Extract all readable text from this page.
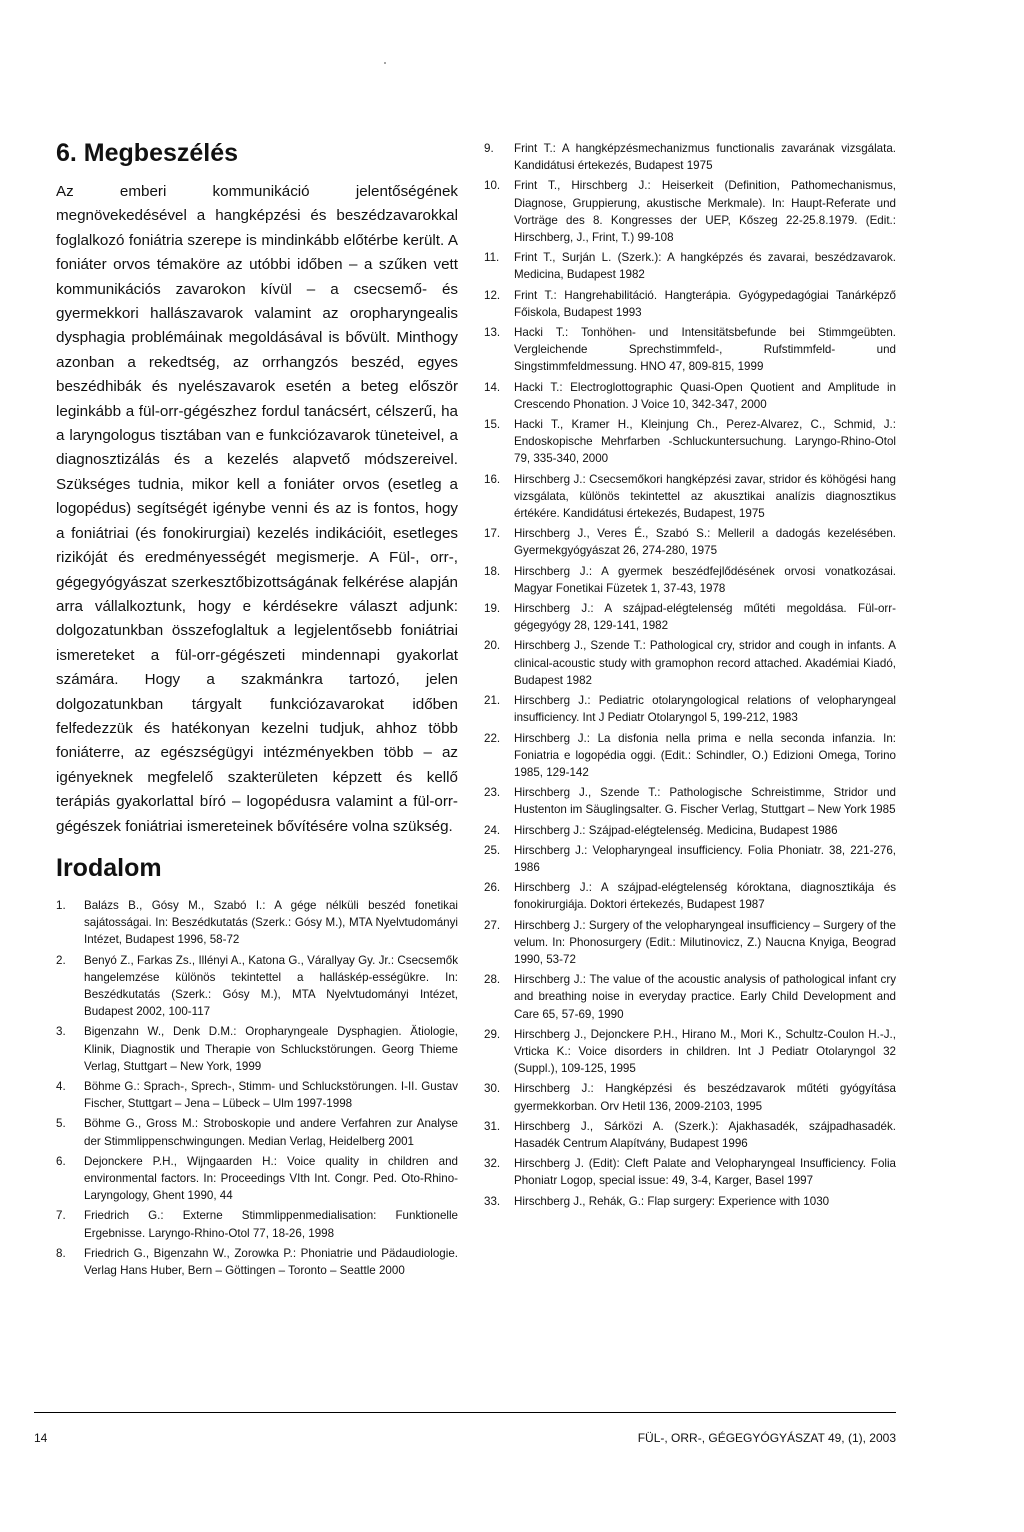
6. Megbeszélés

Az emberi kommunikáció jelentőségének megnövekedésével a hangképzési és beszédzavarokkal foglalkozó foniátria szerepe is mindinkább előtérbe került. A foniáter orvos témaköre az utóbbi időben – a szűken vett kommunikációs zavarokon kívül – a csecsemő- és gyermekkori hallászavarok valamint az oropharyngealis dysphagia problémáinak megoldásával is bővült. Minthogy azonban a rekedtség, az orrhangzós beszéd, egyes beszédhibák és nyelészavarok esetén a beteg először leginkább a fül-orr-gégészhez fordul tanácsért, célszerű, ha a laryngologus tisztában van e funkciózavarok tüneteivel, a diagnosztizálás és a kezelés alapvető módszereivel. Szükséges tudnia, mikor kell a foniáter orvos (esetleg a logopédus) segítségét igénybe venni és az is fontos, hogy a foniátriai (és fonokirurgiai) kezelés indikációit, esetleges rizikóját és eredményességét megismerje. A Fül-, orr-, gégegyógyászat szerkesztőbizottságának felkérése alapján arra vállalkoztunk, hogy e kérdésekre választ adjunk: dolgozatunkban összefoglaltuk a legjelentősebb foniátriai ismereteket a fül-orr-gégészeti mindennapi gyakorlat számára. Hogy a szakmánkra tartozó, jelen dolgozatunkban tárgyalt funkciózavarokat időben felfedezzük és hatékonyan kezelni tudjuk, ahhoz több foniáterre, az egészségügyi intézményekben több – az igényeknek megfelelő szakterületen képzett és kellő terápiás gyakorlattal bíró – logopédusra valamint a fül-orr-gégészek foniátriai ismereteinek bővítésére volna szükség.

Irodalom
1.	Balázs B., Gósy M., Szabó I.: A gége nélküli beszéd fonetikai sajátosságai. In: Beszédkutatás (Szerk.: Gósy M.), MTA Nyelvtudományi Intézet, Budapest 1996, 58-72
2.	Benyó Z., Farkas Zs., Illényi A., Katona G., Várallyay Gy. Jr.: Csecsemők hangelemzése különös tekintettel a halláskép-ességükre. In: Beszédkutatás (Szerk.: Gósy M.), MTA Nyelvtudományi Intézet, Budapest 2002, 100-117
3.	Bigenzahn W., Denk D.M.: Oropharyngeale Dysphagien. Ätiologie, Klinik, Diagnostik und Therapie von Schluckstörungen. Georg Thieme Verlag, Stuttgart – New York, 1999
4.	Böhme G.: Sprach-, Sprech-, Stimm- und Schluckstörungen. I-II. Gustav Fischer, Stuttgart – Jena – Lübeck – Ulm 1997-1998
5.	Böhme G., Gross M.: Stroboskopie und andere Verfahren zur Analyse der Stimmlippenschwingungen. Median Verlag, Heidelberg 2001
6.	Dejonckere P.H., Wijngaarden H.: Voice quality in children and environmental factors. In: Proceedings VIth Int. Congr. Ped. Oto-Rhino-Laryngology, Ghent 1990, 44
7.	Friedrich G.: Externe Stimmlippenmedialisation: Funktionelle Ergebnisse. Laryngo-Rhino-Otol 77, 18-26, 1998
8.	Friedrich G., Bigenzahn W., Zorowka P.: Phoniatrie und Pädaudiologie. Verlag Hans Huber, Bern – Göttingen – Toronto – Seattle 2000
9.	Frint T.: A hangképzésmechanizmus functionalis zavarának vizsgálata. Kandidátusi értekezés, Budapest 1975
10.	Frint T., Hirschberg J.: Heiserkeit (Definition, Pathomechanismus, Diagnose, Gruppierung, akustische Merkmale). In: Haupt-Referate und Vorträge des 8. Kongresses der UEP, Kőszeg 22-25.8.1979. (Edit.: Hirschberg, J., Frint, T.) 99-108
11.	Frint T., Surján L. (Szerk.): A hangképzés és zavarai, beszédzavarok. Medicina, Budapest 1982
12.	Frint T.: Hangrehabilitáció. Hangterápia. Gyógypedagógiai Tanárképző Főiskola, Budapest 1993
13.	Hacki T.: Tonhöhen- und Intensitätsbefunde bei Stimmgeübten. Vergleichende Sprechstimmfeld-, Rufstimmfeld- und Singstimmfeldmessung. HNO 47, 809-815, 1999
14.	Hacki T.: Electroglottographic Quasi-Open Quotient and Amplitude in Crescendo Phonation. J Voice 10, 342-347, 2000
15.	Hacki T., Kramer H., Kleinjung Ch., Perez-Alvarez, C., Schmid, J.: Endoskopische Mehrfarben -Schluckuntersuchung. Laryngo-Rhino-Otol 79, 335-340, 2000
16.	Hirschberg J.: Csecsemőkori hangképzési zavar, stridor és köhögési hang vizsgálata, különös tekintettel az akusztikai analízis diagnosztikus értékére. Kandidátusi értekezés, Budapest, 1975
17.	Hirschberg J., Veres É., Szabó S.: Melleril a dadogás kezelésében. Gyermekgyógyászat 26, 274-280, 1975
18.	Hirschberg J.: A gyermek beszédfejlődésének orvosi vonatkozásai. Magyar Fonetikai Füzetek 1, 37-43, 1978
19.	Hirschberg J.: A szájpad-elégtelenség műtéti megoldása. Fül-orr-gégegyógy 28, 129-141, 1982
20.	Hirschberg J., Szende T.: Pathological cry, stridor and cough in infants. A clinical-acoustic study with gramophon record attached. Akadémiai Kiadó, Budapest 1982
21.	Hirschberg J.: Pediatric otolaryngological relations of velopharyngeal insufficiency. Int J Pediatr Otolaryngol 5, 199-212, 1983
22.	Hirschberg J.: La disfonia nella prima e nella seconda infanzia. In: Foniatria e logopédia oggi. (Edit.: Schindler, O.) Edizioni Omega, Torino 1985, 129-142
23.	Hirschberg J., Szende T.: Pathologische Schreistimme, Stridor und Hustenton im Säuglingsalter. G. Fischer Verlag, Stuttgart – New York 1985
24.	Hirschberg J.: Szájpad-elégtelenség. Medicina, Budapest 1986
25.	Hirschberg J.: Velopharyngeal insufficiency. Folia Phoniatr. 38, 221-276, 1986
26.	Hirschberg J.: A szájpad-elégtelenség kóroktana, diagnosztikája és fonokirurgiája. Doktori értekezés, Budapest 1987
27.	Hirschberg J.: Surgery of the velopharyngeal insufficiency – Surgery of the velum. In: Phonosurgery (Edit.: Milutinovicz, Z.) Naucna Knyiga, Beograd 1990, 53-72
28.	Hirschberg J.: The value of the acoustic analysis of pathological infant cry and breathing noise in everyday practice. Early Child Development and Care 65, 57-69, 1990
29.	Hirschberg J., Dejonckere P.H., Hirano M., Mori K., Schultz-Coulon H.-J., Vrticka K.: Voice disorders in children. Int J Pediatr Otolaryngol 32 (Suppl.), 109-125, 1995
30.	Hirschberg J.: Hangképzési és beszédzavarok műtéti gyógyítása gyermekkorban. Orv Hetil 136, 2009-2103, 1995
31.	Hirschberg J., Sárközi A. (Szerk.): Ajakhasadék, szájpadhasadék. Hasadék Centrum Alapítvány, Budapest 1996
32.	Hirschberg J. (Edit): Cleft Palate and Velopharyngeal Insufficiency. Folia Phoniatr Logop, special issue: 49, 3-4, Karger, Basel 1997
33.	Hirschberg J., Rehák, G.: Flap surgery: Experience with 1030
14	FÜL-, ORR-, GÉGEGYÓGYÁSZAT 49, (1), 2003
